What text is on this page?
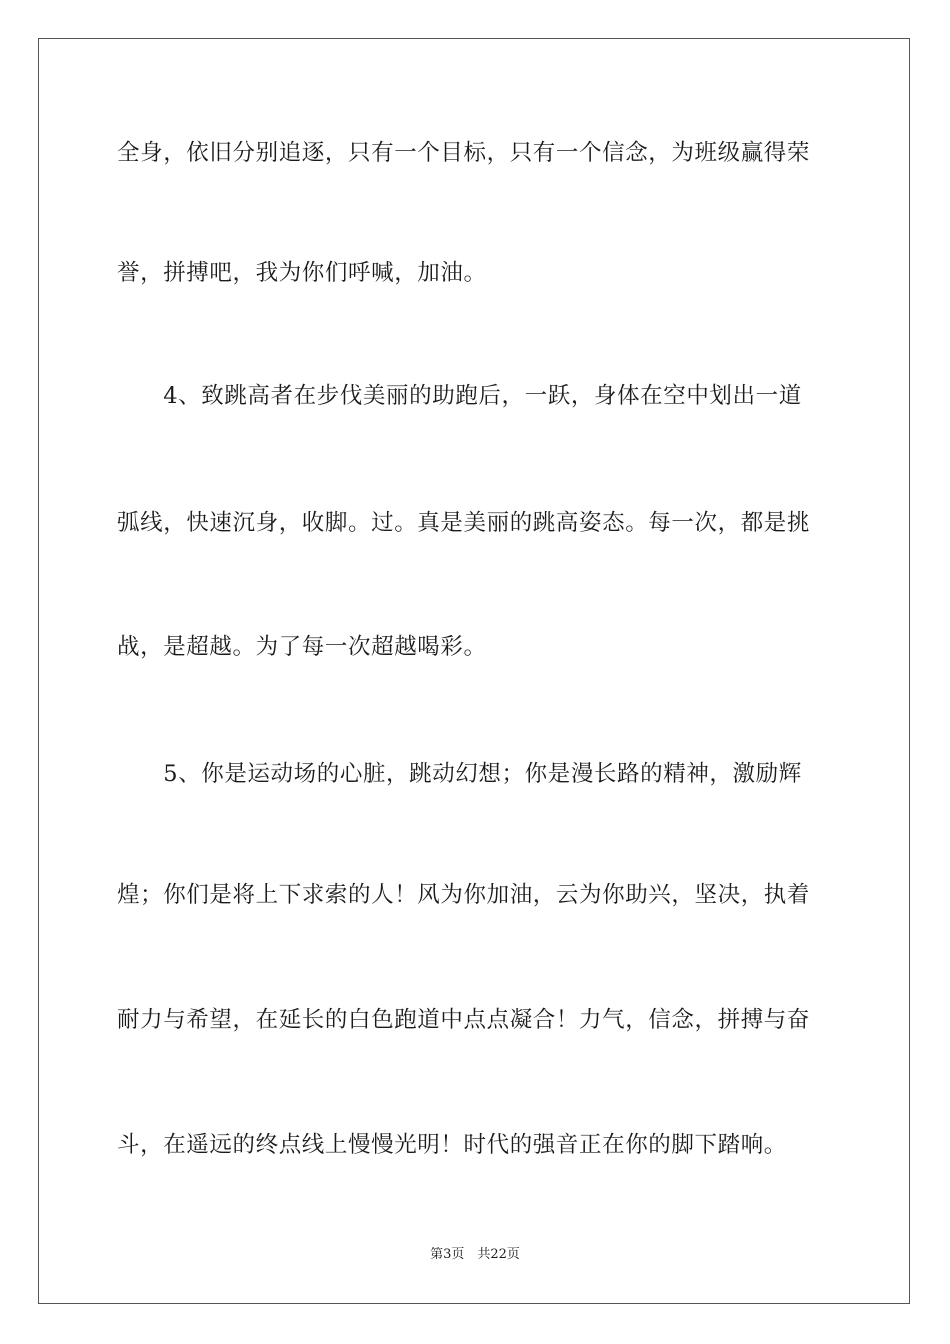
全身，依旧分别追逐，只有一个目标，只有一个信念，为班级赢得荣
誉，拼搏吧，我为你们呼喊，加油。
　　4、致跳高者在步伐美丽的助跑后，一跃，身体在空中划出一道
弧线，快速沉身，收脚。过。真是美丽的跳高姿态。每一次，都是挑
战，是超越。为了每一次超越喝彩。
　　5、你是运动场的心脏，跳动幻想；你是漫长路的精神，激励辉
煌；你们是将上下求索的人！风为你加油，云为你助兴，坚决，执着
耐力与希望，在延长的白色跑道中点点凝合！力气，信念，拼搏与奋
斗，在遥远的终点线上慢慢光明！时代的强音正在你的脚下踏响。
第3页　共22页
